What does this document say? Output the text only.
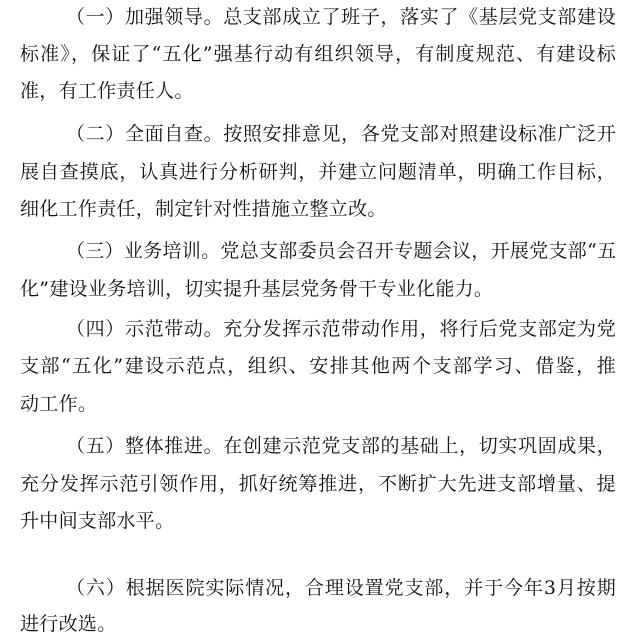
（一）加强领导。总支部成立了班子，落实了《基层党支部建设
标准》，保证了“五化”强基行动有组织领导，有制度规范、有建设标
准，有工作责任人。
（二）全面自查。按照安排意见，各党支部对照建设标准广泛开
展自查摸底，认真进行分析研判，并建立问题清单，明确工作目标，
细化工作责任，制定针对性措施立整立改。
（三）业务培训。党总支部委员会召开专题会议，开展党支部“五
化”建设业务培训，切实提升基层党务骨干专业化能力。
（四）示范带动。充分发挥示范带动作用，将行后党支部定为党
支部“五化”建设示范点，组织、安排其他两个支部学习、借鉴，推
动工作。
（五）整体推进。在创建示范党支部的基础上，切实巩固成果，
充分发挥示范引领作用，抓好统筹推进，不断扩大先进支部增量、提
升中间支部水平。
（六）根据医院实际情况，合理设置党支部，并于今年3月按期
进行改选。
